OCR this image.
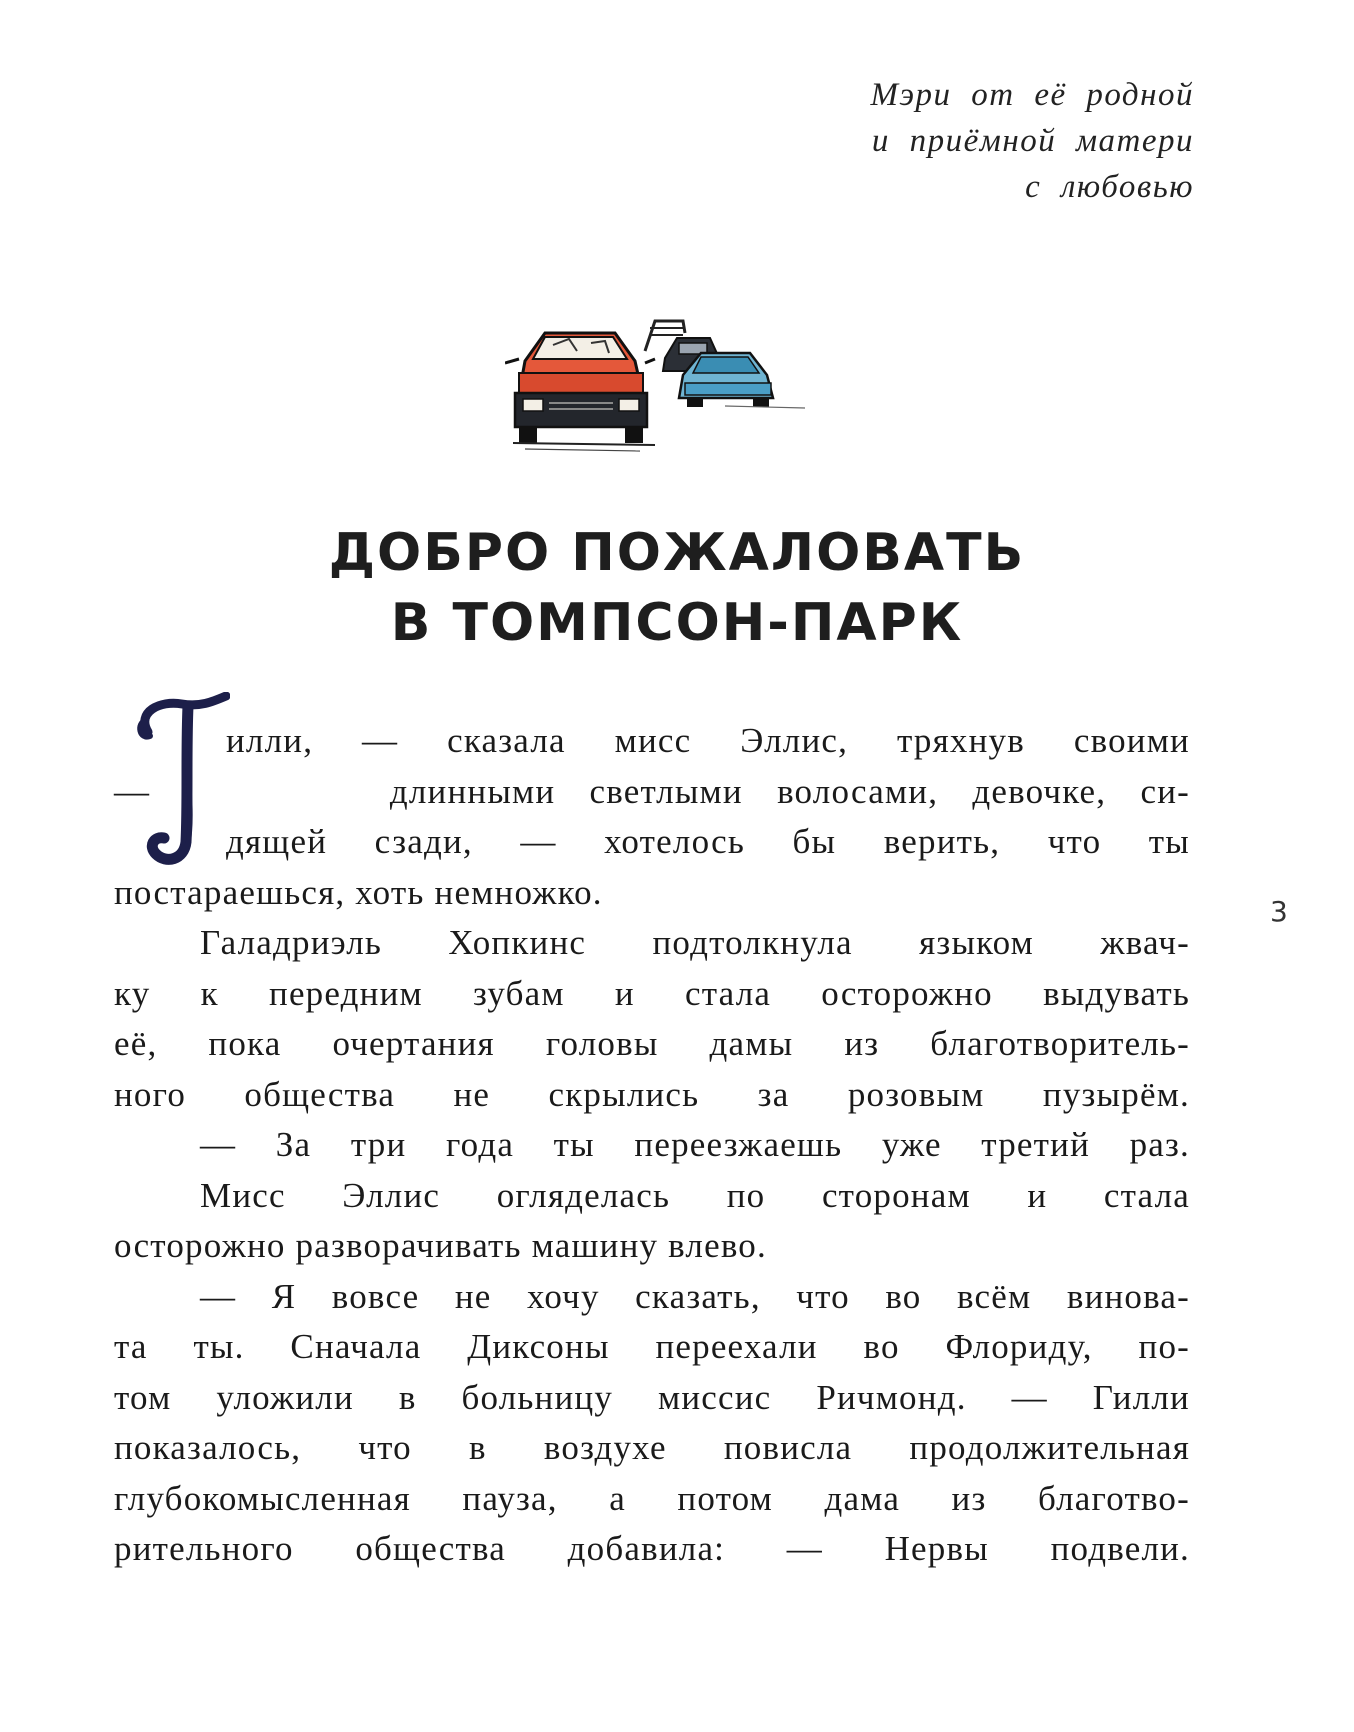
Мэри от её родной
и приёмной матери
с любовью
ДОБРО ПОЖАЛОВАТЬ
В ТОМПСОН-ПАРК
илли, — сказала мисс Эллис, тряхнув своими
—       длинными светлыми волосами, девочке, си-
дящей сзади, — хотелось бы верить, что ты
постараешься, хоть немножко.
Галадриэль Хопкинс подтолкнула языком жвач-
ку к передним зубам и стала осторожно выдувать
её, пока очертания головы дамы из благотворитель-
ного общества не скрылись за розовым пузырём.
— За три года ты переезжаешь уже третий раз.
Мисс Эллис огляделась по сторонам и стала
осторожно разворачивать машину влево.
— Я вовсе не хочу сказать, что во всём винова-
та ты. Сначала Диксоны переехали во Флориду, по-
том уложили в больницу миссис Ричмонд. — Гилли
показалось, что в воздухе повисла продолжительная
глубокомысленная пауза, а потом дама из благотво-
рительного общества добавила: — Нервы подвели.
3
